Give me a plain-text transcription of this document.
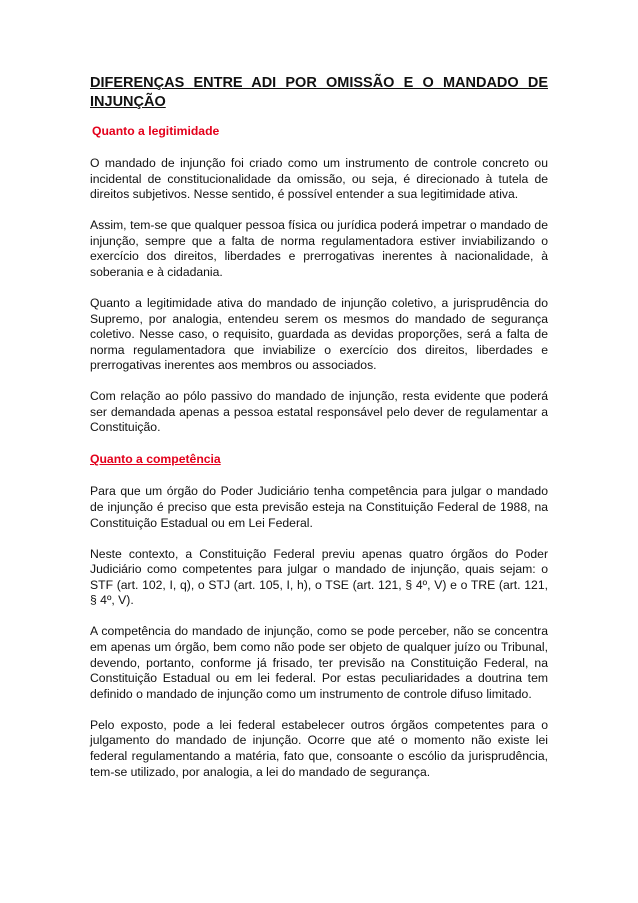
DIFERENÇAS ENTRE ADI POR OMISSÃO E O MANDADO DE INJUNÇÃO
Quanto a legitimidade

O mandado de injunção foi criado como um instrumento de controle concreto ou incidental de constitucionalidade da omissão, ou seja, é direcionado à tutela de direitos subjetivos. Nesse sentido, é possível entender a sua legitimidade ativa.

Assim, tem-se que qualquer pessoa física ou jurídica poderá impetrar o mandado de injunção, sempre que a falta de norma regulamentadora estiver inviabilizando o exercício dos direitos, liberdades e prerrogativas inerentes à nacionalidade, à soberania e à cidadania.

Quanto a legitimidade ativa do mandado de injunção coletivo, a jurisprudência do Supremo, por analogia, entendeu serem os mesmos do mandado de segurança coletivo. Nesse caso, o requisito, guardada as devidas proporções, será a falta de norma regulamentadora que inviabilize o exercício dos direitos, liberdades e prerrogativas inerentes aos membros ou associados.

Com relação ao pólo passivo do mandado de injunção, resta evidente que poderá ser demandada apenas a pessoa estatal responsável pelo dever de regulamentar a Constituição.

Quanto a competência

Para que um órgão do Poder Judiciário tenha competência para julgar o mandado de injunção é preciso que esta previsão esteja na Constituição Federal de 1988, na Constituição Estadual ou em Lei Federal.

Neste contexto, a Constituição Federal previu apenas quatro órgãos do Poder Judiciário como competentes para julgar o mandado de injunção, quais sejam: o STF (art. 102, I, q), o STJ (art. 105, I, h), o TSE (art. 121, § 4º, V) e o TRE (art. 121, § 4º, V).

A competência do mandado de injunção, como se pode perceber, não se concentra em apenas um órgão, bem como não pode ser objeto de qualquer juízo ou Tribunal, devendo, portanto, conforme já frisado, ter previsão na Constituição Federal, na Constituição Estadual ou em lei federal. Por estas peculiaridades a doutrina tem definido o mandado de injunção como um instrumento de controle difuso limitado.

Pelo exposto, pode a lei federal estabelecer outros órgãos competentes para o julgamento do mandado de injunção. Ocorre que até o momento não existe lei federal regulamentando a matéria, fato que, consoante o escólio da jurisprudência, tem-se utilizado, por analogia, a lei do mandado de segurança.
